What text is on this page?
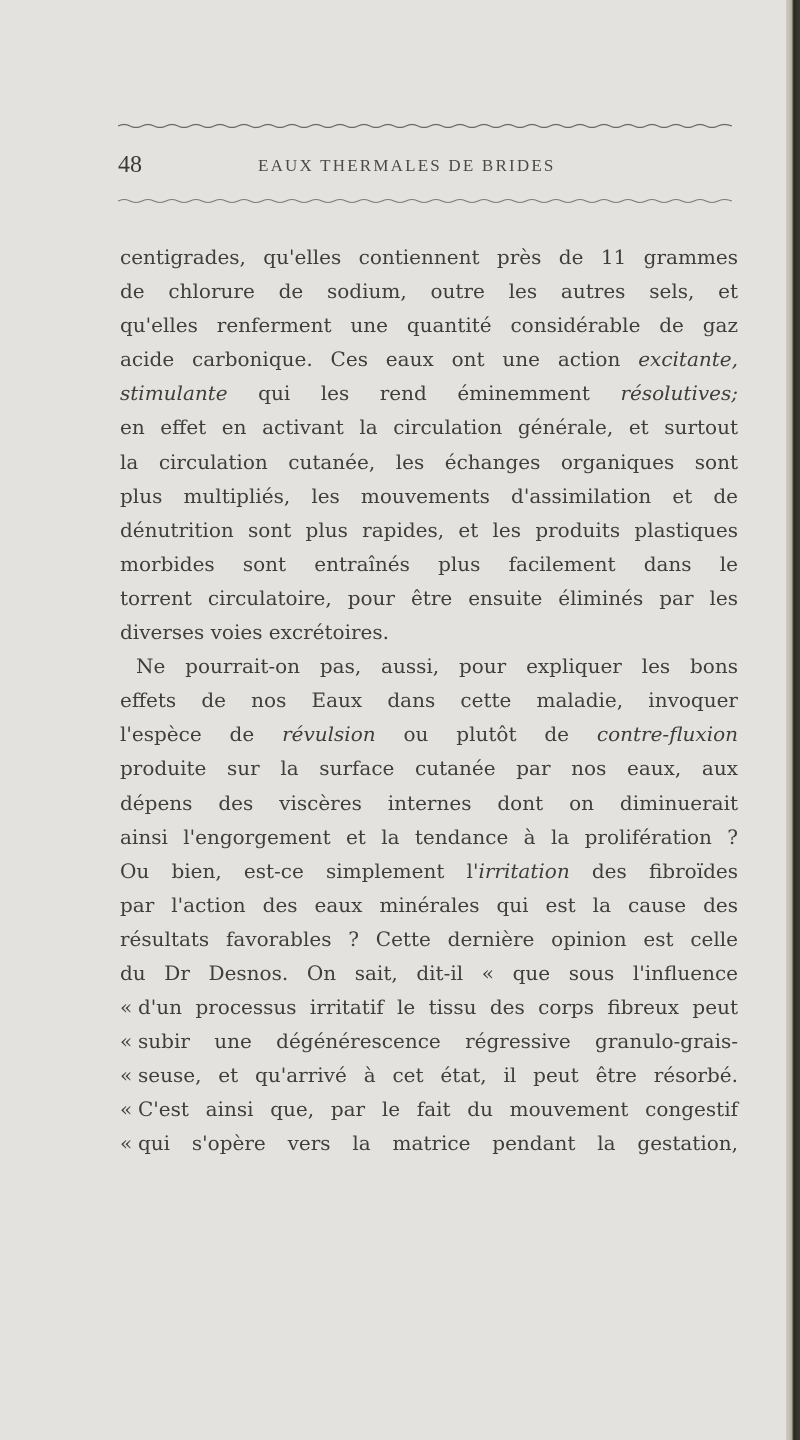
48	EAUX THERMALES DE BRIDES
centigrades, qu'elles contiennent près de 11 grammes
de chlorure de sodium, outre les autres sels, et
qu'elles renferment une quantité considérable de gaz
acide carbonique. Ces eaux ont une action excitante,
stimulante qui les rend éminemment résolutives;
en effet en activant la circulation générale, et surtout
la circulation cutanée, les échanges organiques sont
plus multipliés, les mouvements d'assimilation et de
dénutrition sont plus rapides, et les produits plastiques
morbides sont entraînés plus facilement dans le
torrent circulatoire, pour être ensuite éliminés par les
diverses voies excrétoires.
Ne pourrait-on pas, aussi, pour expliquer les bons
effets de nos Eaux dans cette maladie, invoquer
l'espèce de révulsion ou plutôt de contre-fluxion
produite sur la surface cutanée par nos eaux, aux
dépens des viscères internes dont on diminuerait
ainsi l'engorgement et la tendance à la prolifération ?
Ou bien, est-ce simplement l'irritation des fibroïdes
par l'action des eaux minérales qui est la cause des
résultats favorables ? Cette dernière opinion est celle
du Dr Desnos. On sait, dit-il « que sous l'influence
« d'un processus irritatif le tissu des corps fibreux peut
« subir une dégénérescence régressive granulo-grais-
« seuse, et qu'arrivé à cet état, il peut être résorbé.
« C'est ainsi que, par le fait du mouvement congestif
« qui s'opère vers la matrice pendant la gestation,
